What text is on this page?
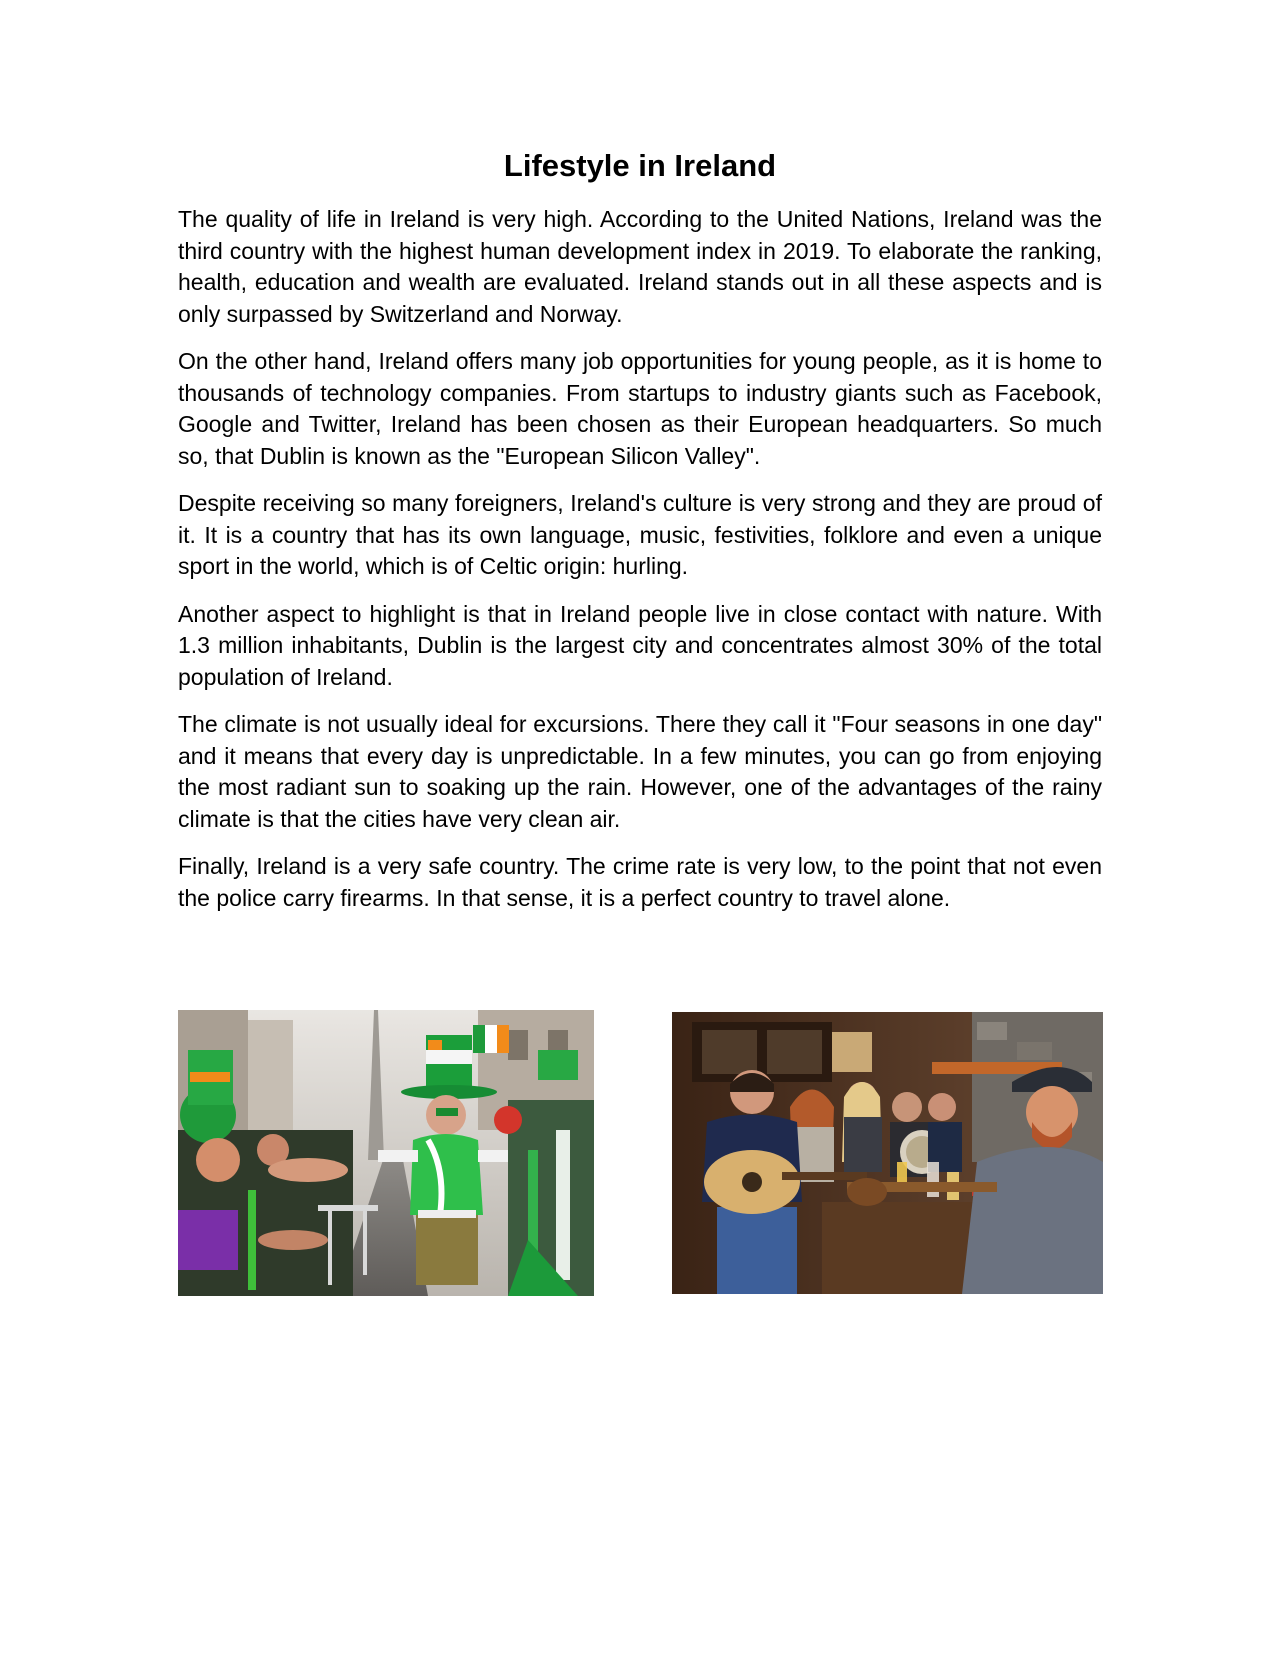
Lifestyle in Ireland

The quality of life in Ireland is very high. According to the United Nations, Ireland was the third country with the highest human development index in 2019. To elaborate the ranking, health, education and wealth are evaluated. Ireland stands out in all these aspects and is only surpassed by Switzerland and Norway.

On the other hand, Ireland offers many job opportunities for young people, as it is home to thousands of technology companies. From startups to industry giants such as Facebook, Google and Twitter, Ireland has been chosen as their European headquarters. So much so, that Dublin is known as the "European Silicon Valley".

Despite receiving so many foreigners, Ireland's culture is very strong and they are proud of it. It is a country that has its own language, music, festivities, folklore and even a unique sport in the world, which is of Celtic origin: hurling.

Another aspect to highlight is that in Ireland people live in close contact with nature. With 1.3 million inhabitants, Dublin is the largest city and concentrates almost 30% of the total population of Ireland.

The climate is not usually ideal for excursions. There they call it "Four seasons in one day" and it means that every day is unpredictable. In a few minutes, you can go from enjoying the most radiant sun to soaking up the rain. However, one of the advantages of the rainy climate is that the cities have very clean air.

Finally, Ireland is a very safe country. The crime rate is very low, to the point that not even the police carry firearms. In that sense, it is a perfect country to travel alone.
